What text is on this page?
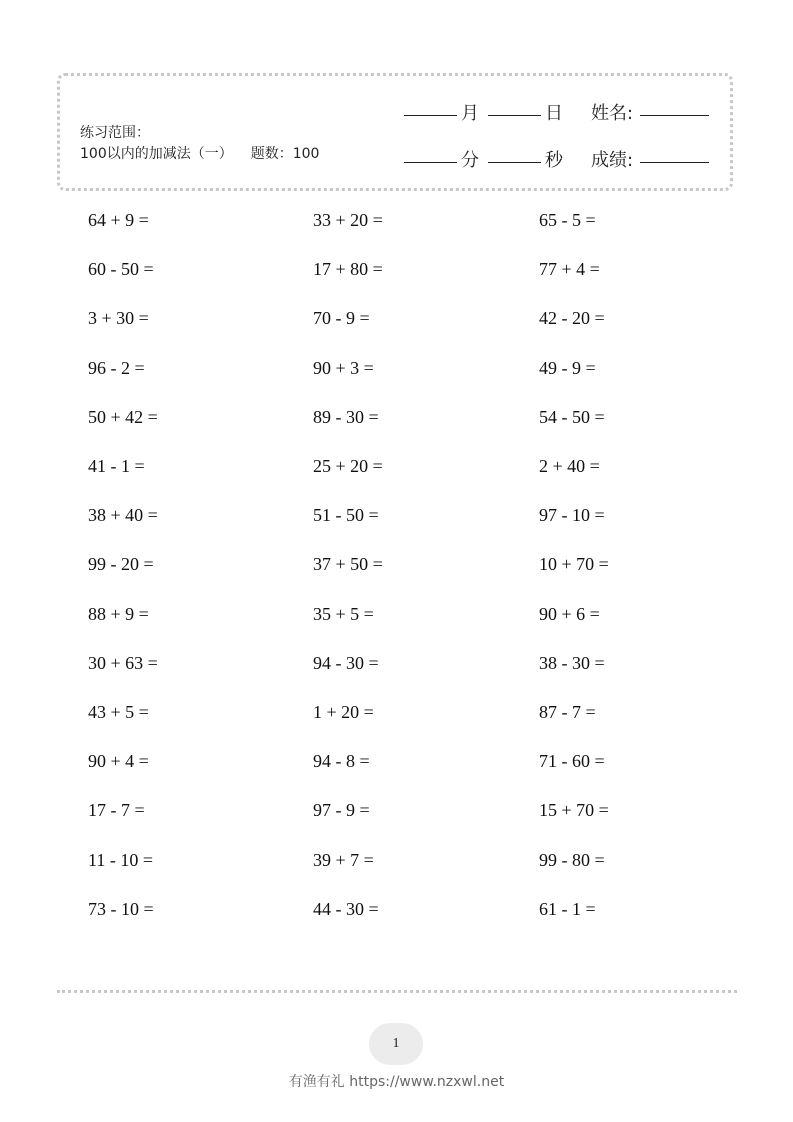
练习范围：
100以内的加减法（一） 题数：100
月	日 姓名:
分	秒 成绩:
64 + 9 =
60 - 50 =
3 + 30 =
96 - 2 =
50 + 42 =
41 - 1 =
38 + 40 =
99 - 20 =
88 + 9 =
30 + 63 =
43 + 5 =
90 + 4 =
17 - 7 =
11 - 10 =
73 - 10 =
33 + 20 =
17 + 80 =
70 - 9 =
90 + 3 =
89 - 30 =
25 + 20 =
51 - 50 =
37 + 50 =
35 + 5 =
94 - 30 =
1 + 20 =
94 - 8 =
97 - 9 =
39 + 7 =
44 - 30 =
65 - 5 =
77 + 4 =
42 - 20 =
49 - 9 =
54 - 50 =
2 + 40 =
97 - 10 =
10 + 70 =
90 + 6 =
38 - 30 =
87 - 7 =
71 - 60 =
15 + 70 =
99 - 80 =
61 - 1 =
1
有渔有礼 https://www.nzxwl.net
